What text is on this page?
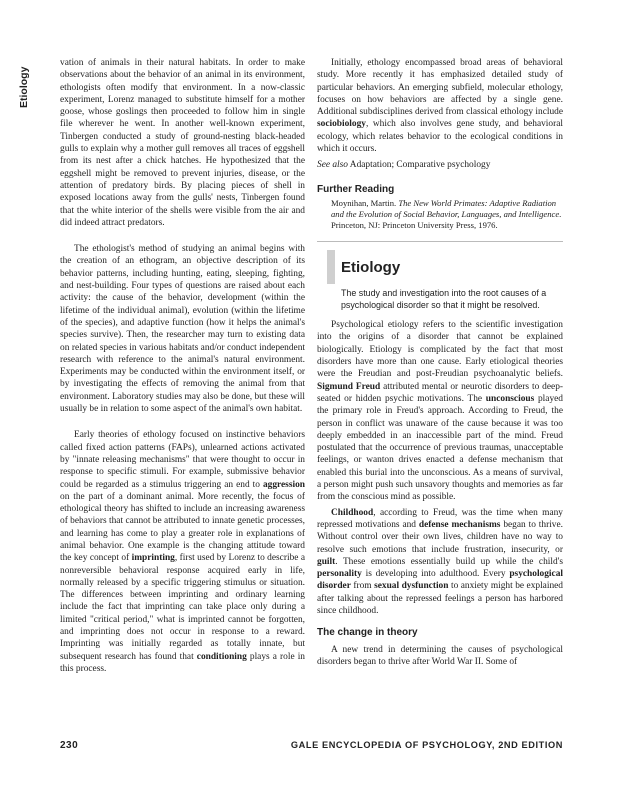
Etiology

vation of animals in their natural habitats. In order to make observations about the behavior of an animal in its environment, ethologists often modify that environment. In a now-classic experiment, Lorenz managed to substitute himself for a mother goose, whose goslings then proceeded to follow him in single file wherever he went. In another well-known experiment, Tinbergen conducted a study of ground-nesting black-headed gulls to explain why a mother gull removes all traces of eggshell from its nest after a chick hatches. He hypothesized that the eggshell might be removed to prevent injuries, disease, or the attention of predatory birds. By placing pieces of shell in exposed locations away from the gulls' nests, Tinbergen found that the white interior of the shells were visible from the air and did indeed attract predators.

The ethologist's method of studying an animal begins with the creation of an ethogram, an objective description of its behavior patterns, including hunting, eating, sleeping, fighting, and nest-building. Four types of questions are raised about each activity: the cause of the behavior, development (within the lifetime of the individual animal), evolution (within the lifetime of the species), and adaptive function (how it helps the animal's species survive). Then, the researcher may turn to existing data on related species in various habitats and/or conduct independent research with reference to the animal's natural environment. Experiments may be conducted within the environment itself, or by investigating the effects of removing the animal from that environment. Laboratory studies may also be done, but these will usually be in relation to some aspect of the animal's own habitat.

Early theories of ethology focused on instinctive behaviors called fixed action patterns (FAPs), unlearned actions activated by "innate releasing mechanisms" that were thought to occur in response to specific stimuli. For example, submissive behavior could be regarded as a stimulus triggering an end to aggression on the part of a dominant animal. More recently, the focus of ethological theory has shifted to include an increasing awareness of behaviors that cannot be attributed to innate genetic processes, and learning has come to play a greater role in explanations of animal behavior. One example is the changing attitude toward the key concept of imprinting, first used by Lorenz to describe a nonreversible behavioral response acquired early in life, normally released by a specific triggering stimulus or situation. The differences between imprinting and ordinary learning include the fact that imprinting can take place only during a limited "critical period," what is imprinted cannot be forgotten, and imprinting does not occur in response to a reward. Imprinting was initially regarded as totally innate, but subsequent research has found that conditioning plays a role in this process.

Initially, ethology encompassed broad areas of behavioral study. More recently it has emphasized detailed study of particular behaviors. An emerging subfield, molecular ethology, focuses on how behaviors are affected by a single gene. Additional subdisciplines derived from classical ethology include sociobiology, which also involves gene study, and behavioral ecology, which relates behavior to the ecological conditions in which it occurs.

See also Adaptation; Comparative psychology

Further Reading

Moynihan, Martin. The New World Primates: Adaptive Radiation and the Evolution of Social Behavior, Languages, and Intelligence. Princeton, NJ: Princeton University Press, 1976.

Etiology

The study and investigation into the root causes of a psychological disorder so that it might be resolved.

Psychological etiology refers to the scientific investigation into the origins of a disorder that cannot be explained biologically. Etiology is complicated by the fact that most disorders have more than one cause. Early etiological theories were the Freudian and post-Freudian psychoanalytic beliefs. Sigmund Freud attributed mental or neurotic disorders to deep-seated or hidden psychic motivations. The unconscious played the primary role in Freud's approach. According to Freud, the person in conflict was unaware of the cause because it was too deeply embedded in an inaccessible part of the mind. Freud postulated that the occurrence of previous traumas, unacceptable feelings, or wanton drives enacted a defense mechanism that enabled this burial into the unconscious. As a means of survival, a person might push such unsavory thoughts and memories as far from the conscious mind as possible.

Childhood, according to Freud, was the time when many repressed motivations and defense mechanisms began to thrive. Without control over their own lives, children have no way to resolve such emotions that include frustration, insecurity, or guilt. These emotions essentially build up while the child's personality is developing into adulthood. Every psychological disorder from sexual dysfunction to anxiety might be explained after talking about the repressed feelings a person has harbored since childhood.

The change in theory

A new trend in determining the causes of psychological disorders began to thrive after World War II. Some of

230	GALE ENCYCLOPEDIA OF PSYCHOLOGY, 2ND EDITION
